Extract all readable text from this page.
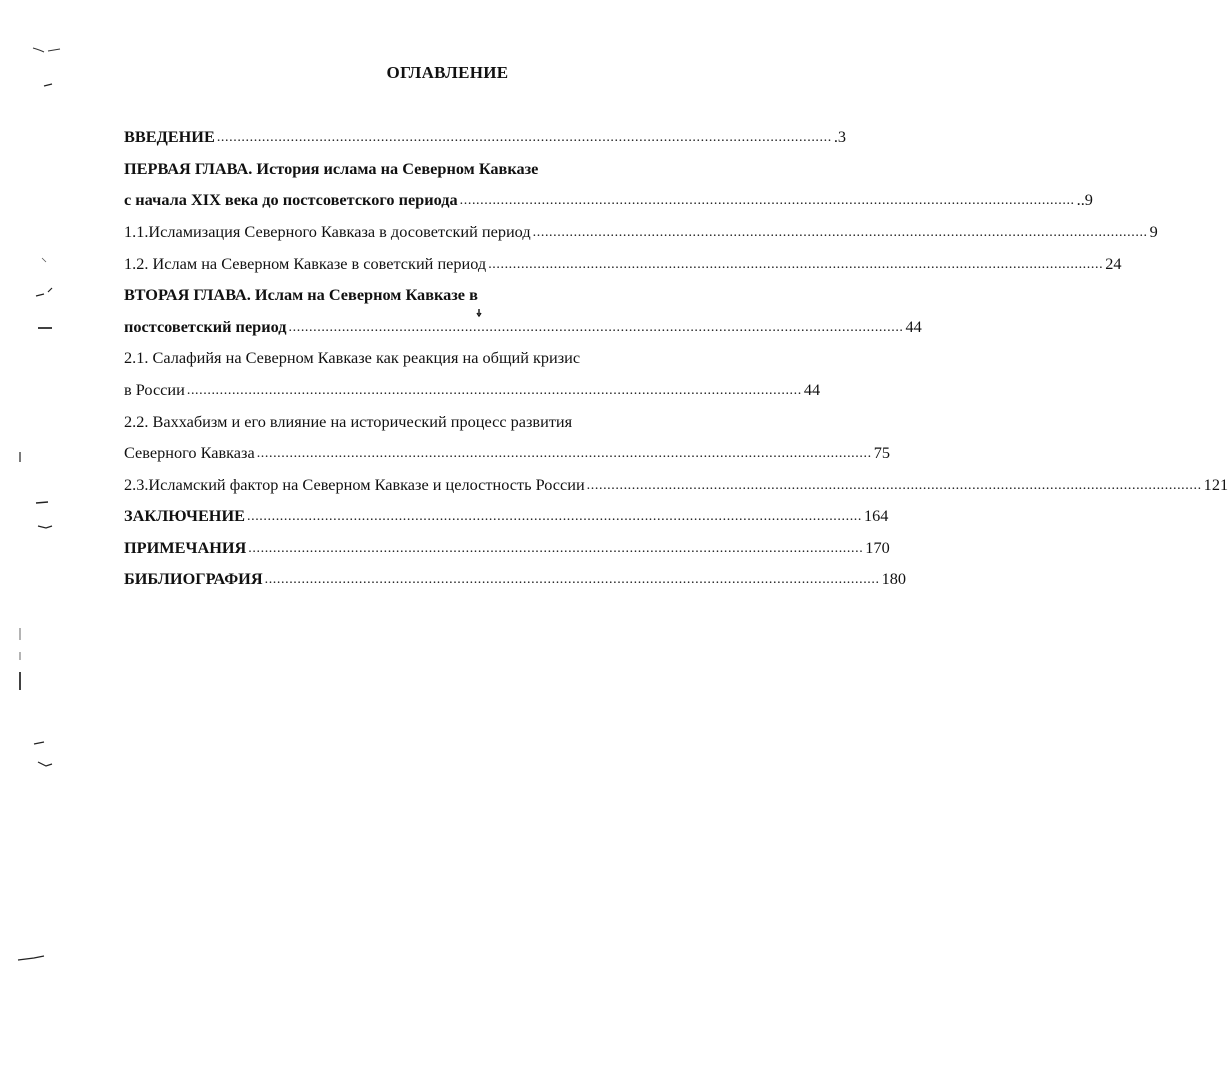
ОГЛАВЛЕНИЕ
ВВЕДЕНИЕ ...................................................................................................................................................... .3
ПЕРВАЯ ГЛАВА. История ислама на Северном Кавказе
с начала XIX века до постсоветского периода ...................................................................................................................................................... ..9
1.1.Исламизация Северного Кавказа в досоветский период ...................................................................................................................................................... 9
1.2. Ислам на Северном Кавказе в советский период ...................................................................................................................................................... 24
ВТОРАЯ ГЛАВА. Ислам на Северном Кавказе в
постсоветский период ...................................................................................................................................................... 44
2.1. Салафийя на Северном Кавказе как реакция на общий кризис
в России ...................................................................................................................................................... 44
2.2. Ваххабизм и его влияние на исторический процесс развития
Северного Кавказа ...................................................................................................................................................... 75
2.3.Исламский фактор на Северном Кавказе и целостность России ...................................................................................................................................................... 121
ЗАКЛЮЧЕНИЕ ...................................................................................................................................................... 164
ПРИМЕЧАНИЯ ...................................................................................................................................................... 170
БИБЛИОГРАФИЯ ...................................................................................................................................................... 180
